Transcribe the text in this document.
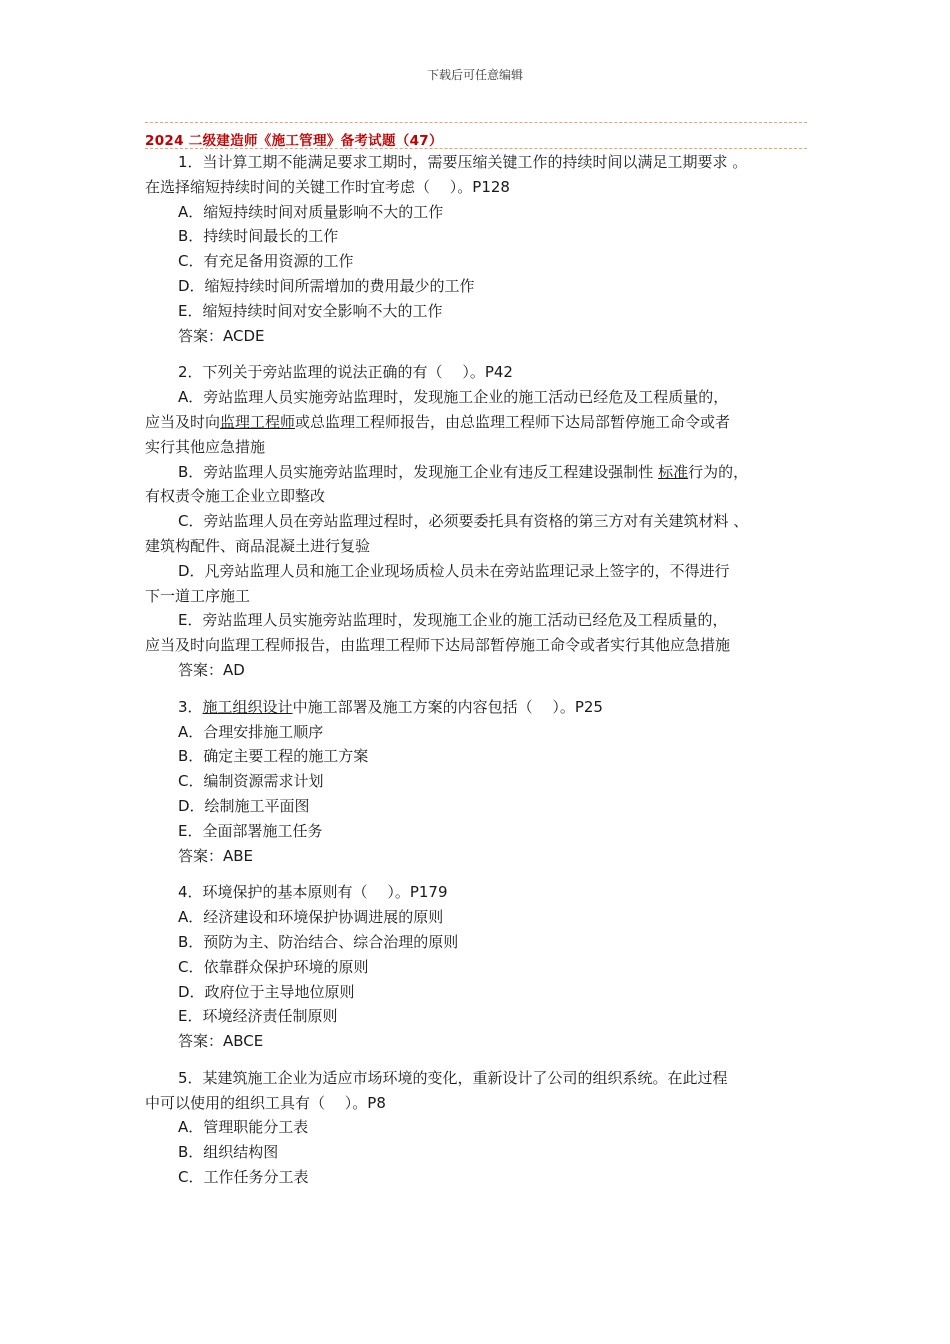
下载后可任意编辑
2024 二级建造师《施工管理》备考试题（47）
1．当计算工期不能满足要求工期时，需要压缩关键工作的持续时间以满足工期要求 。
在选择缩短持续时间的关键工作时宜考虑（　 ）。P128
A．缩短持续时间对质量影响不大的工作
B．持续时间最长的工作
C．有充足备用资源的工作
D．缩短持续时间所需增加的费用最少的工作
E．缩短持续时间对安全影响不大的工作
答案：ACDE
2．下列关于旁站监理的说法正确的有（　 ）。P42
A．旁站监理人员实施旁站监理时，发现施工企业的施工活动已经危及工程质量的，
应当及时向监理工程师或总监理工程师报告，由总监理工程师下达局部暂停施工命令或者
实行其他应急措施
B．旁站监理人员实施旁站监理时，发现施工企业有违反工程建设强制性 标准行为的，
有权责令施工企业立即整改
C．旁站监理人员在旁站监理过程时，必须要委托具有资格的第三方对有关建筑材料 、
建筑构配件、商品混凝土进行复验
D．凡旁站监理人员和施工企业现场质检人员未在旁站监理记录上签字的，不得进行
下一道工序施工
E．旁站监理人员实施旁站监理时，发现施工企业的施工活动已经危及工程质量的，
应当及时向监理工程师报告，由监理工程师下达局部暂停施工命令或者实行其他应急措施
答案：AD
3．施工组织设计中施工部署及施工方案的内容包括（　 ）。P25
A．合理安排施工顺序
B．确定主要工程的施工方案
C．编制资源需求计划
D．绘制施工平面图
E．全面部署施工任务
答案：ABE
4．环境保护的基本原则有（　 ）。P179
A．经济建设和环境保护协调进展的原则
B．预防为主、防治结合、综合治理的原则
C．依靠群众保护环境的原则
D．政府位于主导地位原则
E．环境经济责任制原则
答案：ABCE
5．某建筑施工企业为适应市场环境的变化，重新设计了公司的组织系统。在此过程
中可以使用的组织工具有（　 ）。P8
A．管理职能分工表
B．组织结构图
C．工作任务分工表
